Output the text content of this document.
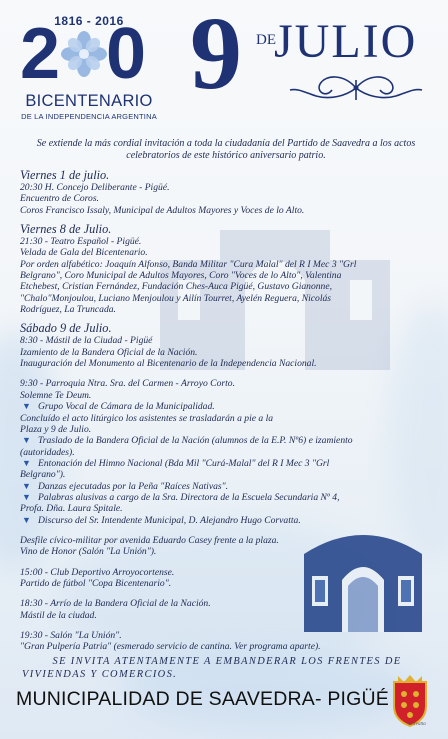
1816 - 2016
2 0
BICENTENARIO
DE LA INDEPENDENCIA ARGENTINA
9 DE
JULIO
Se extiende la más cordial invitación a toda la ciudadanía del Partido de Saavedra a los actos celebratorios de este histórico aniversario patrio.
Viernes 1 de julio.
20:30 H. Concejo Deliberante - Pigüé.
Encuentro de Coros.
Coros Francisco Issaly, Municipal de Adultos Mayores y Voces de lo Alto.
Viernes 8 de Julio.
21:30 - Teatro Español - Pigüé.
Velada de Gala del Bicentenario.
Por orden alfabético: Joaquín Alfonso, Banda Militar "Cura Malal" del R I Mec 3 "Grl
Belgrano", Coro Municipal de Adultos Mayores, Coro "Voces de lo Alto", Valentina
Etchebest, Cristian Fernández, Fundación Ches-Auca Pigüé, Gustavo Gianonne,
"Chalo"Monjoulou, Luciano Menjoulou y Ailín Tourret, Ayelén Reguera, Nicolás
Rodríguez, La Truncada.
Sábado 9 de Julio.
8:30 - Mástil de la Ciudad - Pigüé
Izamiento de la Bandera Oficial de la Nación.
Inauguración del Monumento al Bicentenario de la Independencia Nacional.
9:30 - Parroquia Ntra. Sra. del Carmen - Arroyo Corto.
Solemne Te Deum.
▼ Grupo Vocal de Cámara de la Municipalidad.
Concluído el acto litúrgico los asistentes se trasladarán a pie a la
Plaza y 9 de Julio.
▼ Traslado de la Bandera Oficial de la Nación (alumnos de la E.P. Nº6) e izamiento
(autoridades).
▼ Entonación del Himno Nacional (Bda Mil "Curá-Malal" del R I Mec 3 "Grl
Belgrano").
▼ Danzas ejecutadas por la Peña "Raíces Nativas".
▼ Palabras alusivas a cargo de la Sra. Directora de la Escuela Secundaria Nº 4,
Profa. Dña. Laura Spitale.
▼ Discurso del Sr. Intendente Municipal, D. Alejandro Hugo Corvatta.
Desfile cívico-militar por avenida Eduardo Casey frente a la plaza.
Vino de Honor (Salón "La Unión").
15:00 - Club Deportivo Arroyocortense.
Partido de fútbol "Copa Bicentenario".
18:30 - Arrío de la Bandera Oficial de la Nación.
Mástil de la ciudad.
19:30 - Salón "La Unión".
"Gran Pulpería Patria" (esmerado servicio de cantina. Ver programa aparte).
SE INVITA ATENTAMENTE A EMBANDERAR LOS FRENTES DE
VIVIENDAS Y COMERCIOS.
MUNICIPALIDAD DE SAAVEDRA- PIGÜÉ
Corvatta
